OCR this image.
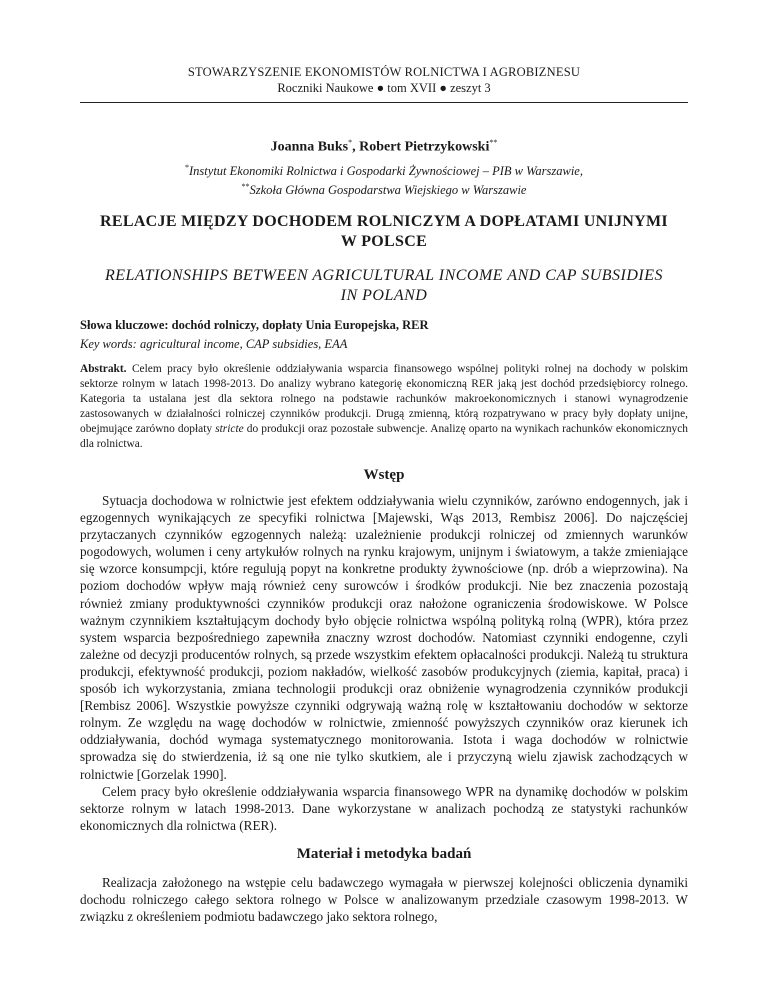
STOWARZYSZENIE EKONOMISTÓW ROLNICTWA I AGROBIZNESU
Roczniki Naukowe ● tom XVII ● zeszyt 3
Joanna Buks*, Robert Pietrzykowski**
*Instytut Ekonomiki Rolnictwa i Gospodarki Żywnościowej – PIB w Warszawie,
**Szkoła Główna Gospodarstwa Wiejskiego w Warszawie
RELACJE MIĘDZY DOCHODEM ROLNICZYM A DOPŁATAMI UNIJNYMI W POLSCE
RELATIONSHIPS BETWEEN AGRICULTURAL INCOME AND CAP SUBSIDIES IN POLAND
Słowa kluczowe: dochód rolniczy, dopłaty Unia Europejska, RER
Key words: agricultural income, CAP subsidies, EAA
Abstrakt. Celem pracy było określenie oddziaływania wsparcia finansowego wspólnej polityki rolnej na dochody w polskim sektorze rolnym w latach 1998-2013. Do analizy wybrano kategorię ekonomiczną RER jaką jest dochód przedsiębiorcy rolnego. Kategoria ta ustalana jest dla sektora rolnego na podstawie rachunków makroekonomicznych i stanowi wynagrodzenie zastosowanych w działalności rolniczej czynników produkcji. Drugą zmienną, którą rozpatrywano w pracy były dopłaty unijne, obejmujące zarówno dopłaty stricte do produkcji oraz pozostałe subwencje. Analizę oparto na wynikach rachunków ekonomicznych dla rolnictwa.
Wstęp

Sytuacja dochodowa w rolnictwie jest efektem oddziaływania wielu czynników, zarówno endogennych, jak i egzogennych wynikających ze specyfiki rolnictwa [Majewski, Wąs 2013, Rembisz 2006]. Do najczęściej przytaczanych czynników egzogennych należą: uzależnienie produkcji rolniczej od zmiennych warunków pogodowych, wolumen i ceny artykułów rolnych na rynku krajowym, unijnym i światowym, a także zmieniające się wzorce konsumpcji, które regulują popyt na konkretne produkty żywnościowe (np. drób a wieprzowina). Na poziom dochodów wpływ mają również ceny surowców i środków produkcji. Nie bez znaczenia pozostają również zmiany produktywności czynników produkcji oraz nałożone ograniczenia środowiskowe. W Polsce ważnym czynnikiem kształtującym dochody było objęcie rolnictwa wspólną polityką rolną (WPR), która przez system wsparcia bezpośredniego zapewniła znaczny wzrost dochodów. Natomiast czynniki endogenne, czyli zależne od decyzji producentów rolnych, są przede wszystkim efektem opłacalności produkcji. Należą tu struktura produkcji, efektywność produkcji, poziom nakładów, wielkość zasobów produkcyjnych (ziemia, kapitał, praca) i sposób ich wykorzystania, zmiana technologii produkcji oraz obniżenie wynagrodzenia czynników produkcji [Rembisz 2006]. Wszystkie powyższe czynniki odgrywają ważną rolę w kształtowaniu dochodów w sektorze rolnym. Ze względu na wagę dochodów w rolnictwie, zmienność powyższych czynników oraz kierunek ich oddziaływania, dochód wymaga systematycznego monitorowania. Istota i waga dochodów w rolnictwie sprowadza się do stwierdzenia, iż są one nie tylko skutkiem, ale i przyczyną wielu zjawisk zachodzących w rolnictwie [Gorzelak 1990].

Celem pracy było określenie oddziaływania wsparcia finansowego WPR na dynamikę dochodów w polskim sektorze rolnym w latach 1998-2013. Dane wykorzystane w analizach pochodzą ze statystyki rachunków ekonomicznych dla rolnictwa (RER).

Materiał i metodyka badań

Realizacja założonego na wstępie celu badawczego wymagała w pierwszej kolejności obliczenia dynamiki dochodu rolniczego całego sektora rolnego w Polsce w analizowanym przedziale czasowym 1998-2013. W związku z określeniem podmiotu badawczego jako sektora rolnego,
